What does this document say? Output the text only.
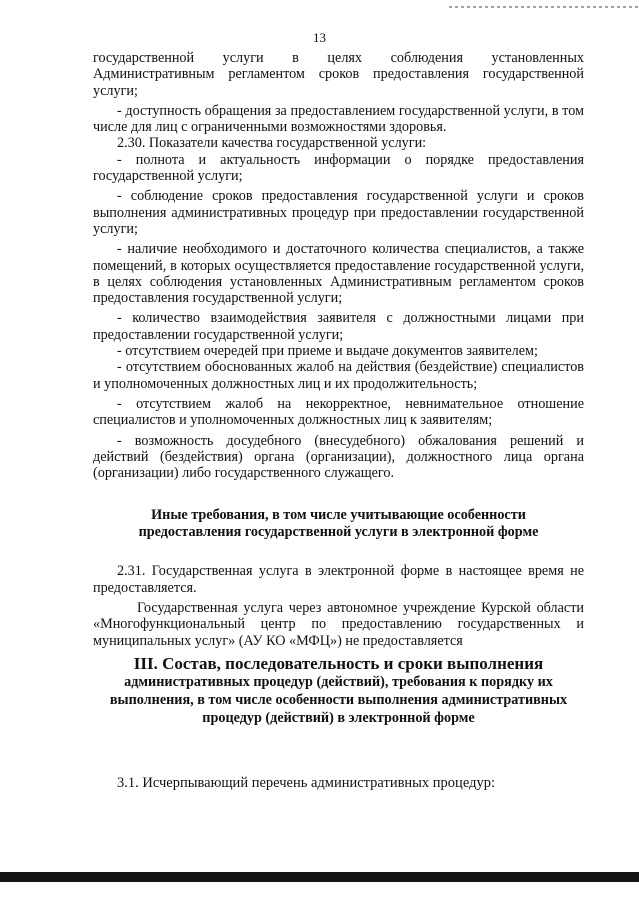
13

государственной услуги в целях соблюдения установленных Административным регламентом сроков предоставления государственной услуги;

- доступность обращения за предоставлением государственной услуги, в том числе для лиц с ограниченными возможностями здоровья.

2.30. Показатели качества государственной услуги:

- полнота и актуальность информации о порядке предоставления государственной услуги;

- соблюдение сроков предоставления государственной услуги и сроков выполнения административных процедур при предоставлении государственной услуги;

- наличие необходимого и достаточного количества специалистов, а также помещений, в которых осуществляется предоставление государственной услуги, в целях соблюдения установленных Административным регламентом сроков предоставления государственной услуги;

- количество взаимодействия заявителя с должностными лицами при предоставлении государственной услуги;

- отсутствием очередей при приеме и выдаче документов заявителем;

- отсутствием обоснованных жалоб на действия (бездействие) специалистов и уполномоченных должностных лиц и их продолжительность;

- отсутствием жалоб на некорректное, невнимательное отношение специалистов и уполномоченных должностных лиц к заявителям;

- возможность досудебного (внесудебного) обжалования решений и действий (бездействия) органа (организации), должностного лица органа (организации) либо государственного служащего.

Иные требования, в том числе учитывающие особенности
предоставления государственной услуги в электронной форме

2.31. Государственная услуга в электронной форме в настоящее время не предоставляется.

Государственная услуга через автономное учреждение Курской области «Многофункциональный центр по предоставлению государственных и муниципальных услуг» (АУ КО «МФЦ») не предоставляется

III. Состав, последовательность и сроки выполнения
административных процедур (действий), требования к порядку их
выполнения, в том числе особенности выполнения административных
процедур (действий) в электронной форме

3.1. Исчерпывающий перечень административных процедур:
